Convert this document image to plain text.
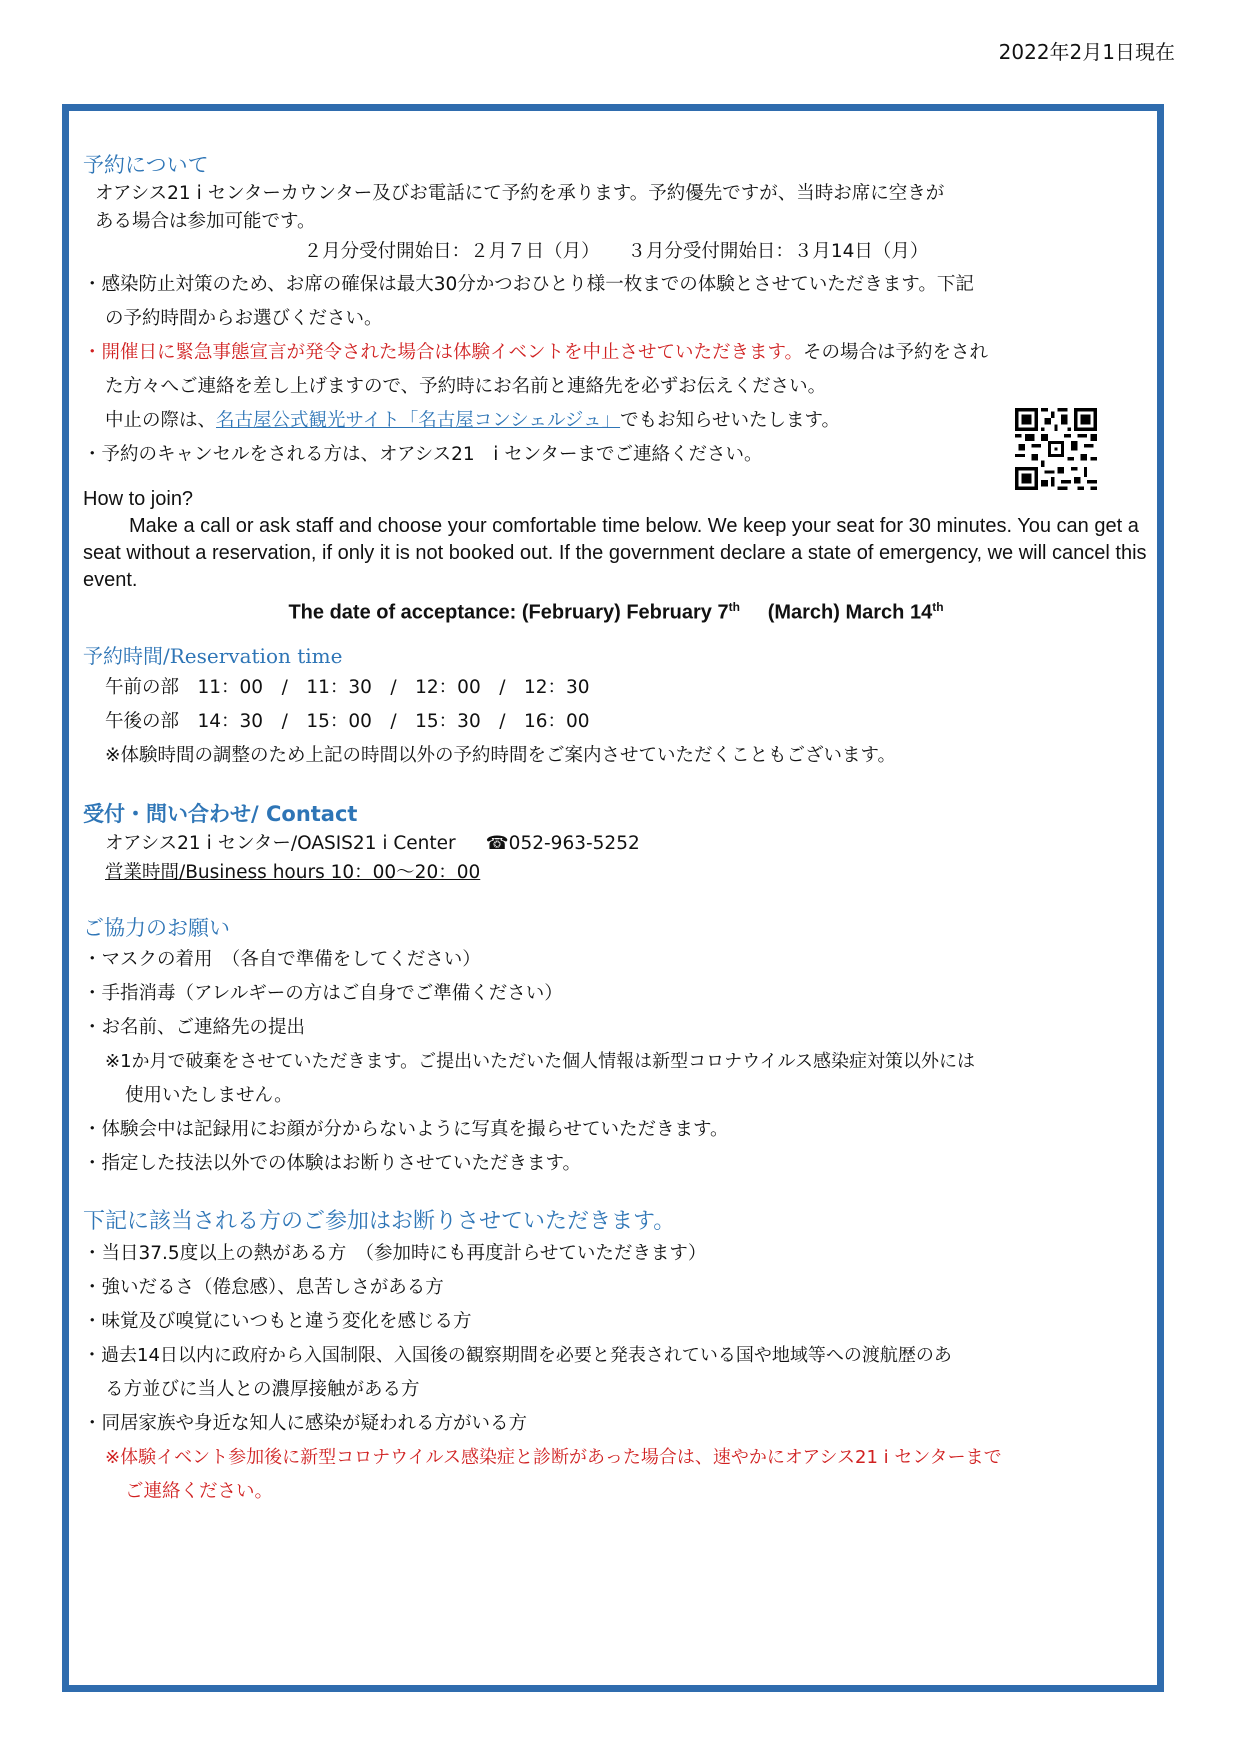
2022年2月1日現在
予約について
オアシス21 i センターカウンター及びお電話にて予約を承ります。予約優先ですが、当時お席に空きが
ある場合は参加可能です。
２月分受付開始日：２月７日（月）　　３月分受付開始日：３月14日（月）
・感染防止対策のため、お席の確保は最大30分かつおひとり様一枚までの体験とさせていただきます。下記
の予約時間からお選びください。
・開催日に緊急事態宣言が発令された場合は体験イベントを中止させていただきます。その場合は予約をされ
た方々へご連絡を差し上げますので、予約時にお名前と連絡先を必ずお伝えください。
中止の際は、名古屋公式観光サイト「名古屋コンシェルジュ」でもお知らせいたします。
・予約のキャンセルをされる方は、オアシス21　i センターまでご連絡ください。
How to join?
Make a call or ask staff and choose your comfortable time below. We keep your seat for 30 minutes. You can get a seat without a reservation, if only it is not booked out. If the government declare a state of emergency, we will cancel this event.
The date of acceptance: (February) February 7th     (March) March 14th
予約時間/Reservation time
午前の部　11：00　/　11：30　/　12：00　/　12：30
午後の部　14：30　/　15：00　/　15：30　/　16：00
※体験時間の調整のため上記の時間以外の予約時間をご案内させていただくこともございます。
受付・問い合わせ/ Contact
オアシス21 i センター/OASIS21 i Center ☎052-963-5252
営業時間/Business hours 10：00～20：00
ご協力のお願い
・マスクの着用　（各自で準備をしてください）
・手指消毒（アレルギーの方はご自身でご準備ください）
・お名前、ご連絡先の提出
※1か月で破棄をさせていただきます。ご提出いただいた個人情報は新型コロナウイルス感染症対策以外には
使用いたしません。
・体験会中は記録用にお顔が分からないように写真を撮らせていただきます。
・指定した技法以外での体験はお断りさせていただきます。
下記に該当される方のご参加はお断りさせていただきます。
・当日37.5度以上の熱がある方　（参加時にも再度計らせていただきます）
・強いだるさ（倦怠感）、息苦しさがある方
・味覚及び嗅覚にいつもと違う変化を感じる方
・過去14日以内に政府から入国制限、入国後の観察期間を必要と発表されている国や地域等への渡航歴のあ
る方並びに当人との濃厚接触がある方
・同居家族や身近な知人に感染が疑われる方がいる方
※体験イベント参加後に新型コロナウイルス感染症と診断があった場合は、速やかにオアシス21 i センターまで
ご連絡ください。
